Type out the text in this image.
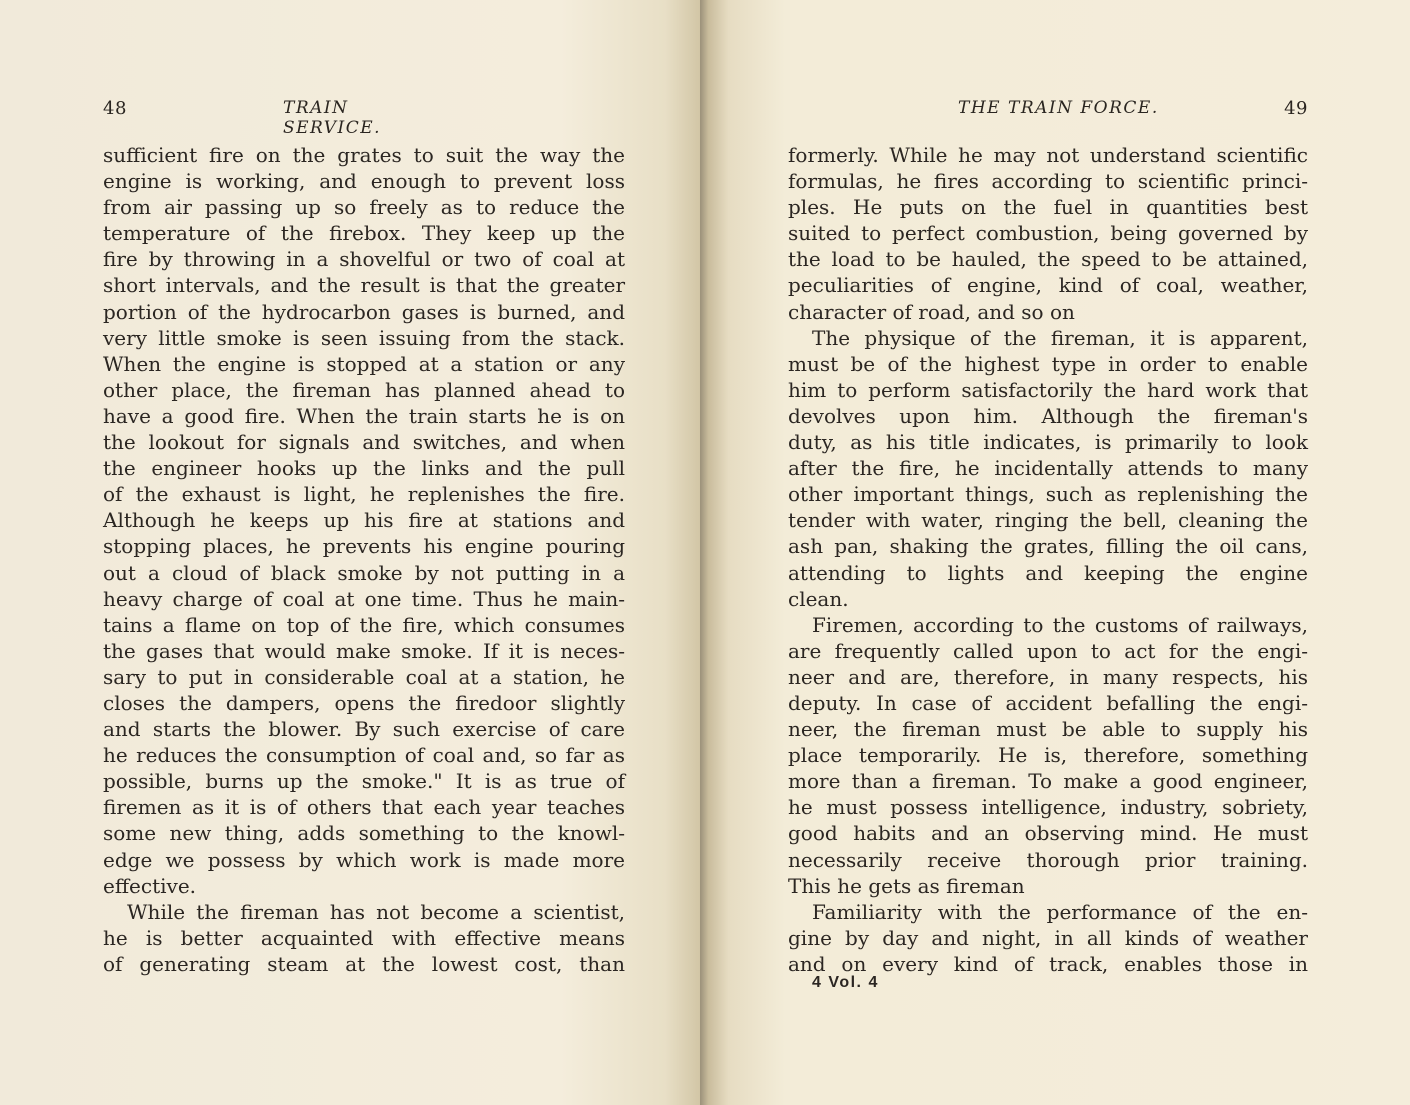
48	TRAIN SERVICE.
sufficient fire on the grates to suit the way the
engine is working, and enough to prevent loss
from air passing up so freely as to reduce the
temperature of the firebox. They keep up the
fire by throwing in a shovelful or two of coal at
short intervals, and the result is that the greater
portion of the hydrocarbon gases is burned, and
very little smoke is seen issuing from the stack.
When the engine is stopped at a station or any
other place, the fireman has planned ahead to
have a good fire. When the train starts he is on
the lookout for signals and switches, and when
the engineer hooks up the links and the pull
of the exhaust is light, he replenishes the fire.
Although he keeps up his fire at stations and
stopping places, he prevents his engine pouring
out a cloud of black smoke by not putting in a
heavy charge of coal at one time. Thus he main-
tains a flame on top of the fire, which consumes
the gases that would make smoke. If it is neces-
sary to put in considerable coal at a station, he
closes the dampers, opens the firedoor slightly
and starts the blower. By such exercise of care
he reduces the consumption of coal and, so far as
possible, burns up the smoke." It is as true of
firemen as it is of others that each year teaches
some new thing, adds something to the knowl-
edge we possess by which work is made more
effective.
While the fireman has not become a scientist,
he is better acquainted with effective means
of generating steam at the lowest cost, than
THE TRAIN FORCE.	49
formerly. While he may not understand scientific
formulas, he fires according to scientific princi-
ples. He puts on the fuel in quantities best
suited to perfect combustion, being governed by
the load to be hauled, the speed to be attained,
peculiarities of engine, kind of coal, weather,
character of road, and so on
The physique of the fireman, it is apparent,
must be of the highest type in order to enable
him to perform satisfactorily the hard work that
devolves upon him. Although the fireman's
duty, as his title indicates, is primarily to look
after the fire, he incidentally attends to many
other important things, such as replenishing the
tender with water, ringing the bell, cleaning the
ash pan, shaking the grates, filling the oil cans,
attending to lights and keeping the engine
clean.
Firemen, according to the customs of railways,
are frequently called upon to act for the engi-
neer and are, therefore, in many respects, his
deputy. In case of accident befalling the engi-
neer, the fireman must be able to supply his
place temporarily. He is, therefore, something
more than a fireman. To make a good engineer,
he must possess intelligence, industry, sobriety,
good habits and an observing mind. He must
necessarily receive thorough prior training.
This he gets as fireman
Familiarity with the performance of the en-
gine by day and night, in all kinds of weather
and on every kind of track, enables those in
4 Vol. 4
